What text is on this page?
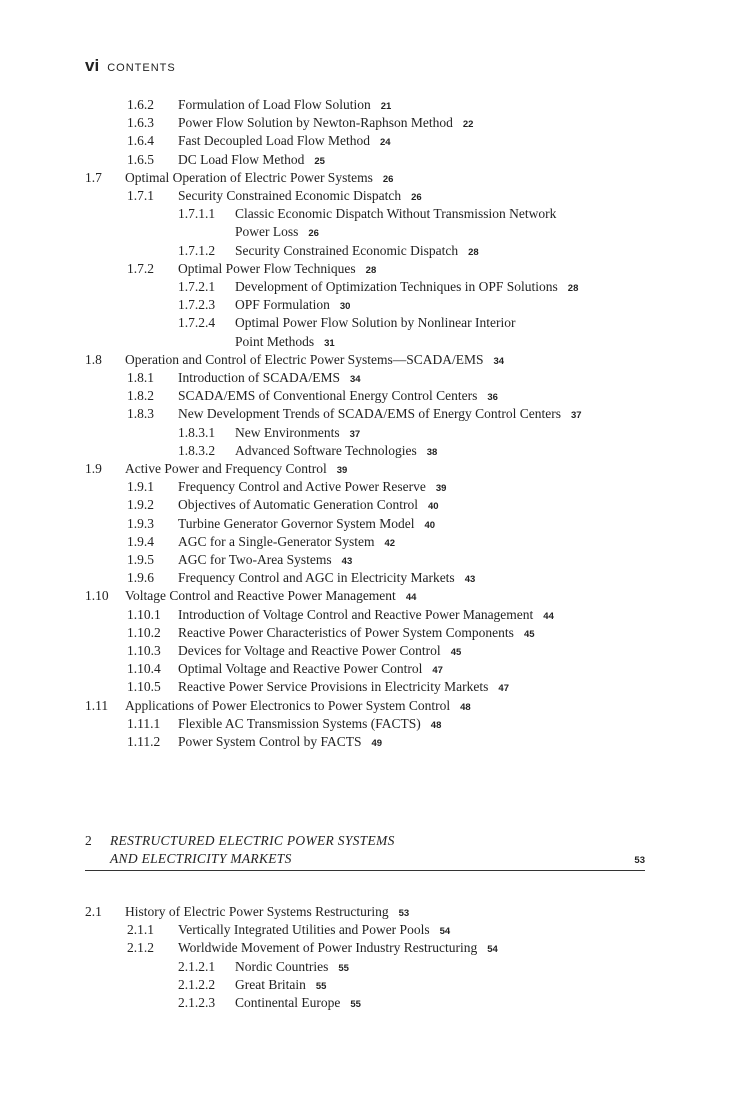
vi CONTENTS
1.6.2 Formulation of Load Flow Solution 21
1.6.3 Power Flow Solution by Newton-Raphson Method 22
1.6.4 Fast Decoupled Load Flow Method 24
1.6.5 DC Load Flow Method 25
1.7 Optimal Operation of Electric Power Systems 26
1.7.1 Security Constrained Economic Dispatch 26
1.7.1.1 Classic Economic Dispatch Without Transmission Network
Power Loss 26
1.7.1.2 Security Constrained Economic Dispatch 28
1.7.2 Optimal Power Flow Techniques 28
1.7.2.1 Development of Optimization Techniques in OPF Solutions 28
1.7.2.3 OPF Formulation 30
1.7.2.4 Optimal Power Flow Solution by Nonlinear Interior
Point Methods 31
1.8 Operation and Control of Electric Power Systems—SCADA/EMS 34
1.8.1 Introduction of SCADA/EMS 34
1.8.2 SCADA/EMS of Conventional Energy Control Centers 36
1.8.3 New Development Trends of SCADA/EMS of Energy Control Centers 37
1.8.3.1 New Environments 37
1.8.3.2 Advanced Software Technologies 38
1.9 Active Power and Frequency Control 39
1.9.1 Frequency Control and Active Power Reserve 39
1.9.2 Objectives of Automatic Generation Control 40
1.9.3 Turbine Generator Governor System Model 40
1.9.4 AGC for a Single-Generator System 42
1.9.5 AGC for Two-Area Systems 43
1.9.6 Frequency Control and AGC in Electricity Markets 43
1.10 Voltage Control and Reactive Power Management 44
1.10.1 Introduction of Voltage Control and Reactive Power Management 44
1.10.2 Reactive Power Characteristics of Power System Components 45
1.10.3 Devices for Voltage and Reactive Power Control 45
1.10.4 Optimal Voltage and Reactive Power Control 47
1.10.5 Reactive Power Service Provisions in Electricity Markets 47
1.11 Applications of Power Electronics to Power System Control 48
1.11.1 Flexible AC Transmission Systems (FACTS) 48
1.11.2 Power System Control by FACTS 49
2 RESTRUCTURED ELECTRIC POWER SYSTEMS
AND ELECTRICITY MARKETS	53
2.1 History of Electric Power Systems Restructuring 53
2.1.1 Vertically Integrated Utilities and Power Pools 54
2.1.2 Worldwide Movement of Power Industry Restructuring 54
2.1.2.1 Nordic Countries 55
2.1.2.2 Great Britain 55
2.1.2.3 Continental Europe 55
